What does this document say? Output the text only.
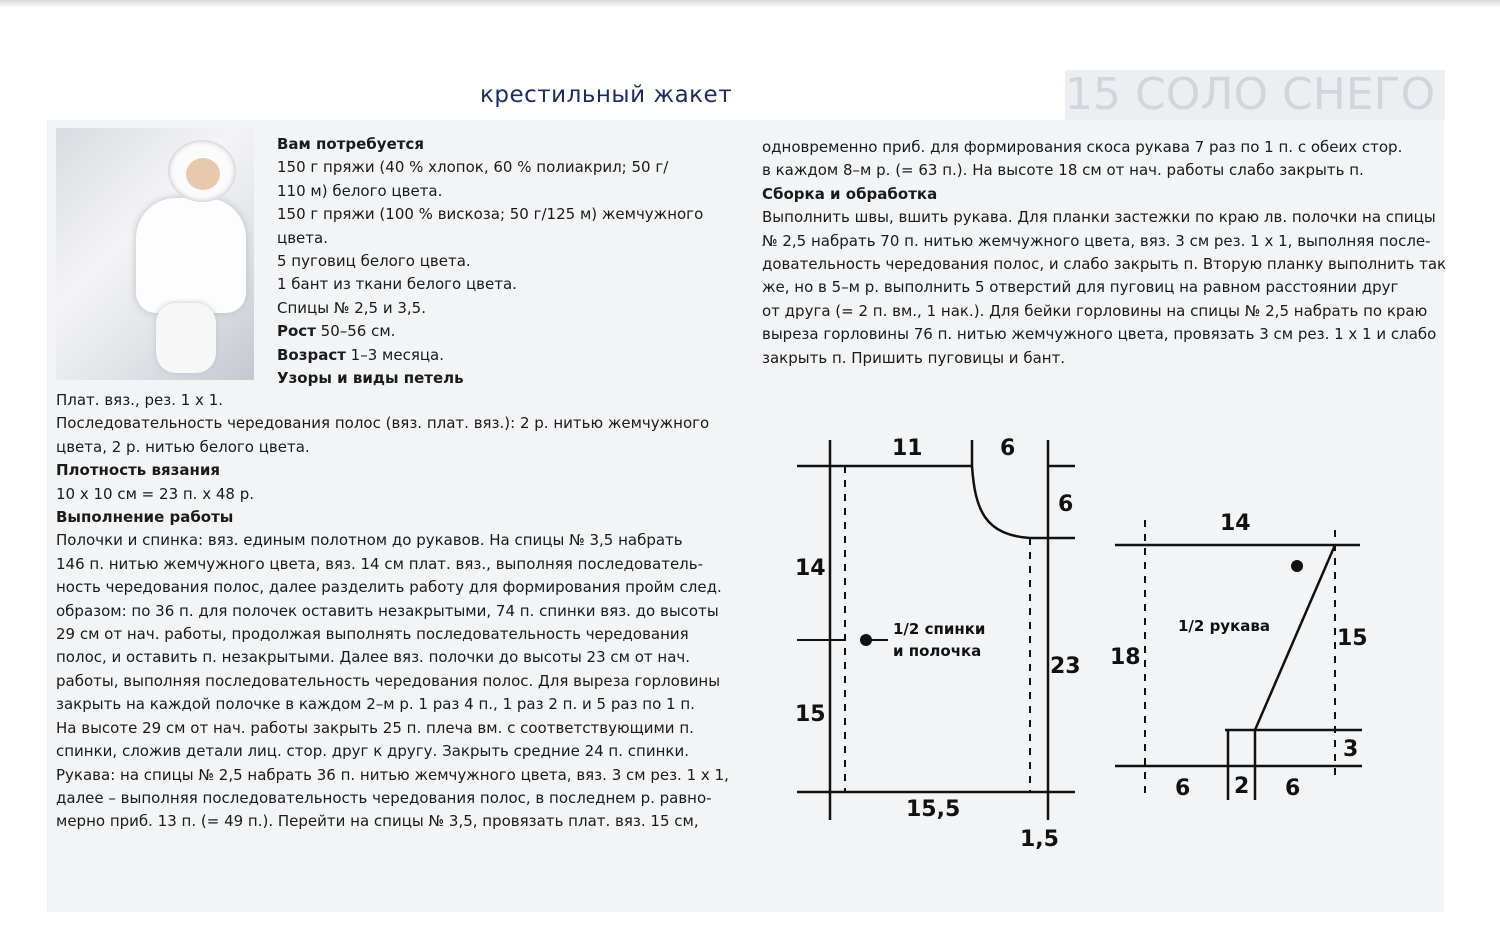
15 СОЛО СНЕГО
крестильный жакет
Вам потребуется
150 г пряжи (40 % хлопок, 60 % полиакрил; 50 г/
110 м) белого цвета.
150 г пряжи (100 % вискоза; 50 г/125 м) жемчужного
цвета.
5 пуговиц белого цвета.
1 бант из ткани белого цвета.
Спицы № 2,5 и 3,5.
Рост 50–56 см.
Возраст 1–3 месяца.
Узоры и виды петель
Плат. вяз., рез. 1 х 1.
Последовательность чередования полос (вяз. плат. вяз.): 2 р. нитью жемчужного
цвета, 2 р. нитью белого цвета.
Плотность вязания
10 х 10 см = 23 п. х 48 р.
Выполнение работы
Полочки и спинка: вяз. единым полотном до рукавов. На спицы № 3,5 набрать
146 п. нитью жемчужного цвета, вяз. 14 см плат. вяз., выполняя последователь-
ность чередования полос, далее разделить работу для формирования пройм след.
образом: по 36 п. для полочек оставить незакрытыми, 74 п. спинки вяз. до высоты
29 см от нач. работы, продолжая выполнять последовательность чередования
полос, и оставить п. незакрытыми. Далее вяз. полочки до высоты 23 см от нач.
работы, выполняя последовательность чередования полос. Для выреза горловины
закрыть на каждой полочке в каждом 2–м р. 1 раз 4 п., 1 раз 2 п. и 5 раз по 1 п.
На высоте 29 см от нач. работы закрыть 25 п. плеча вм. с соответствующими п.
спинки, сложив детали лиц. стор. друг к другу. Закрыть средние 24 п. спинки.
Рукава: на спицы № 2,5 набрать 36 п. нитью жемчужного цвета, вяз. 3 см рез. 1 х 1,
далее – выполняя последовательность чередования полос, в последнем р. равно-
мерно приб. 13 п. (= 49 п.). Перейти на спицы № 3,5, провязать плат. вяз. 15 см,
одновременно приб. для формирования скоса рукава 7 раз по 1 п. с обеих стор.
в каждом 8–м р. (= 63 п.). На высоте 18 см от нач. работы слабо закрыть п.
Сборка и обработка
Выполнить швы, вшить рукава. Для планки застежки по краю лв. полочки на спицы
№ 2,5 набрать 70 п. нитью жемчужного цвета, вяз. 3 см рез. 1 х 1, выполняя после-
довательность чередования полос, и слабо закрыть п. Вторую планку выполнить так
же, но в 5–м р. выполнить 5 отверстий для пуговиц на равном расстоянии друг
от друга (= 2 п. вм., 1 нак.). Для бейки горловины на спицы № 2,5 набрать по краю
выреза горловины 76 п. нитью жемчужного цвета, провязать 3 см рез. 1 х 1 и слабо
закрыть п. Пришить пуговицы и бант.
1/2 спинки
и полочка
11	6
6
14
23
15
15,5
1,5
1/2 рукава
14
15
18
3
6 2 6
